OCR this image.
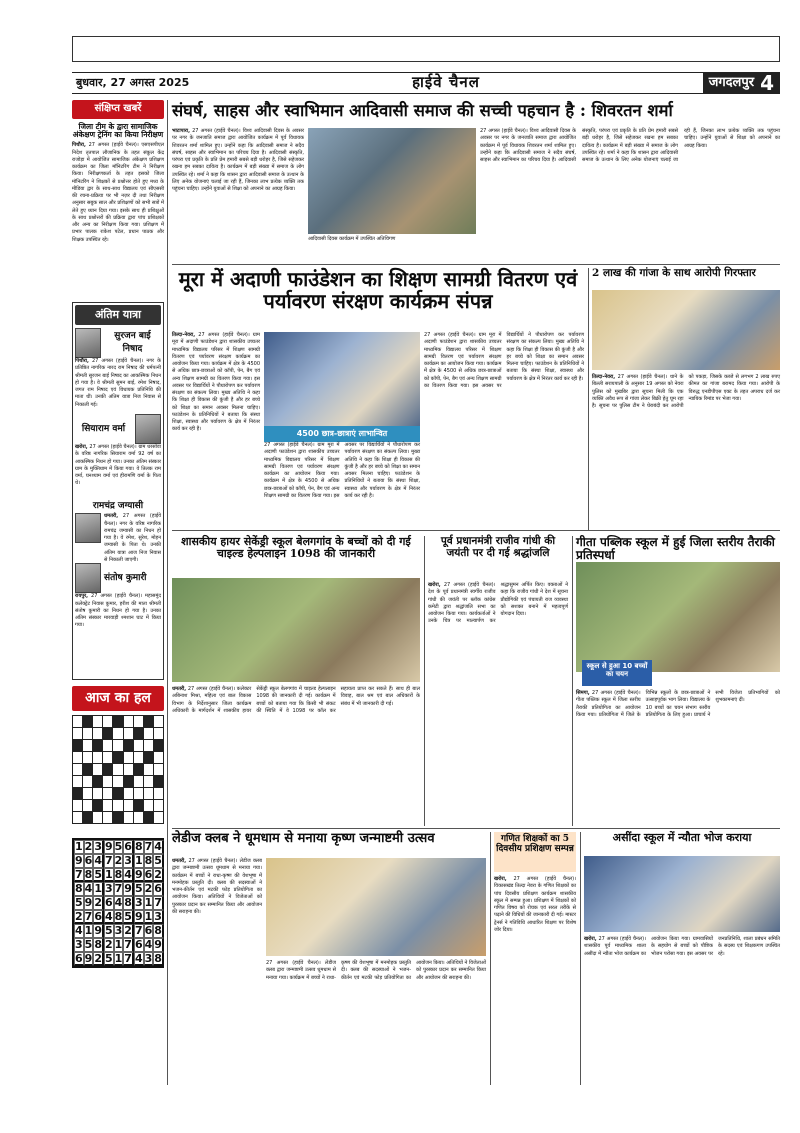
बुधवार, 27 अगस्त 2025	हाईवे चैनल	जगदलपुर 4
संक्षिप्त खबरें
जिला टीम के द्वारा सामाजिक अंकेक्षण ट्रेनिंग का किया निरीक्षण
पिथौरा, 27 अगस्त (हाईवे चैनल)। एसएसपीएल निदेश तृतपाल लौजानिक के तहत संकुल केंद्र राजोड़ा में आयोजित सामाजिक अंकेक्षण प्रशिक्षण कार्यक्रम का जिला मॉनिटरिंग टीम ने निरीक्षण किया। निरीक्षणकर्ता के तहत इसको जिला मॉनिटरिंग ने शिक्षकों से प्रश्नोत्तर होते हुए मध्य के मीडिया द्वार के साथ-साथ विद्यालय एवं सीएससी की रचना-प्रक्रिया पर भी नज़र दी तथा निरीक्षण अनुसार सबुक साल और प्रशिक्षणों को सभी सत्रों में लेते हुए ध्यान दिया गया। इसके साथ ही प्रशिक्षुओं के साथ प्रश्नोत्तरों की प्रक्रिया द्वारा पांच प्रशिक्षकों और अन्य का निरीक्षण किया गया। प्रशिक्षण में प्रभार पालक राकेश पटेल, प्रधान पाठक और शिक्षक उपस्थित रहे।
अंतिम यात्रा
सुरजन बाई निषाद
पिथौरा, 27 अगस्त (हाईवे चैनल)। नगर के प्रतिष्ठित नागरिक नारद राम निषाद की धर्मपत्नी श्रीमती सुरजन बाई निषाद का आकस्मिक निधन हो गया है। वे श्रीमती सुमन बाई, रमेश निषाद, जगत राम निषाद एवं विधायक प्रतिनिधि की माता थीं। उनकी अंतिम यात्रा निज निवास से निकाली गई।
सियाराम वर्मा
खरोरा, 27 अगस्त (हाईवे चैनल)। ग्राम धरसोवा के वरिष्ठ नागरिक सियाराम वर्मा 92 वर्ष का आकस्मिक निधन हो गया। उनका अंतिम संस्कार ग्राम के मुक्तिधाम में किया गया। वे तिलक राम वर्मा, घनश्याम वर्मा एवं हीरामणि वर्मा के पिता थे।
रामचंद्र जग्यासी
धमतरी, 27 अगस्त (हाईवे चैनल)। नगर के वरिष्ठ नागरिक रामचंद्र जग्यासी का निधन हो गया है। वे रमेश, सुरेश, मोहन जग्यासी के पिता थे। उनकी अंतिम यात्रा आज निज निवास से निकाली जाएगी।
संतोष कुमारी
रायपुर, 27 अगस्त (हाईवे चैनल)। महासमुंद कलेक्ट्रेट निवास कुमार, हरीश की माता श्रीमती संतोष कुमारी का निधन हो गया है। उनका अंतिम संस्कार मारवाड़ी श्मशान घाट में किया गया।
आज का हल
1 2 3 9 5 6 8 7 4
9 6 4 7 2 3 1 8 5
7 8 5 1 8 4 9 6 2
8 4 1 3 7 9 5 2 6
5 9 2 6 4 8 3 1 7
2 7 6 4 8 5 9 1 3
4 1 9 5 3 2 7 6 8
3 5 8 2 1 7 6 4 9
6 9 2 5 1 7 4 3 8
संघर्ष, साहस और स्वाभिमान आदिवासी समाज की सच्ची पहचान है : शिवरतन शर्मा
भाटापारा, 27 अगस्त (हाईवे चैनल)। विश्व आदिवासी दिवस के अवसर पर नगर के जनजाति समाज द्वारा आयोजित कार्यक्रम में पूर्व विधायक शिवरतन शर्मा शामिल हुए। उन्होंने कहा कि आदिवासी समाज ने सदैव संघर्ष, साहस और स्वाभिमान का परिचय दिया है। आदिवासी संस्कृति, परंपरा एवं प्रकृति के प्रति प्रेम हमारी सबसे बड़ी धरोहर है, जिसे सहेजकर रखना हम सबका दायित्व है। कार्यक्रम में बड़ी संख्या में समाज के लोग उपस्थित रहे। शर्मा ने कहा कि शासन द्वारा आदिवासी समाज के उत्थान के लिए अनेक योजनाएं चलाई जा रही हैं, जिनका लाभ प्रत्येक व्यक्ति तक पहुंचना चाहिए। उन्होंने युवाओं से शिक्षा को अपनाने का आग्रह किया।
आदिवासी दिवस कार्यक्रम में उपस्थित अतिथिगण
27 अगस्त (हाईवे चैनल)। विश्व आदिवासी दिवस के अवसर पर नगर के जनजाति समाज द्वारा आयोजित कार्यक्रम में पूर्व विधायक शिवरतन शर्मा शामिल हुए। उन्होंने कहा कि आदिवासी समाज ने सदैव संघर्ष, साहस और स्वाभिमान का परिचय दिया है। आदिवासी संस्कृति, परंपरा एवं प्रकृति के प्रति प्रेम हमारी सबसे बड़ी धरोहर है, जिसे सहेजकर रखना हम सबका दायित्व है। कार्यक्रम में बड़ी संख्या में समाज के लोग उपस्थित रहे। शर्मा ने कहा कि शासन द्वारा आदिवासी समाज के उत्थान के लिए अनेक योजनाएं चलाई जा रही हैं, जिनका लाभ प्रत्येक व्यक्ति तक पहुंचना चाहिए। उन्होंने युवाओं से शिक्षा को अपनाने का आग्रह किया।
मूरा में अदाणी फाउंडेशन का शिक्षण सामग्री वितरण एवं पर्यावरण संरक्षण कार्यक्रम संपन्न
तिल्दा-नेवरा, 27 अगस्त (हाईवे चैनल)। ग्राम मूरा में अदाणी फाउंडेशन द्वारा शासकीय उच्चतर माध्यमिक विद्यालय परिसर में शिक्षण सामग्री वितरण एवं पर्यावरण संरक्षण कार्यक्रम का आयोजन किया गया। कार्यक्रम में क्षेत्र के 4500 से अधिक छात्र-छात्राओं को कॉपी, पेन, बैग एवं अन्य शिक्षण सामग्री का वितरण किया गया। इस अवसर पर विद्यार्थियों ने पौधारोपण कर पर्यावरण संरक्षण का संकल्प लिया। मुख्य अतिथि ने कहा कि शिक्षा ही विकास की कुंजी है और हर बच्चे को शिक्षा का समान अवसर मिलना चाहिए। फाउंडेशन के प्रतिनिधियों ने बताया कि संस्था शिक्षा, स्वास्थ्य और पर्यावरण के क्षेत्र में निरंतर कार्य कर रही है।	4500 छात्र-छात्राएं लाभान्वित
27 अगस्त (हाईवे चैनल)। ग्राम मूरा में अदाणी फाउंडेशन द्वारा शासकीय उच्चतर माध्यमिक विद्यालय परिसर में शिक्षण सामग्री वितरण एवं पर्यावरण संरक्षण कार्यक्रम का आयोजन किया गया। कार्यक्रम में क्षेत्र के 4500 से अधिक छात्र-छात्राओं को कॉपी, पेन, बैग एवं अन्य शिक्षण सामग्री का वितरण किया गया। इस अवसर पर विद्यार्थियों ने पौधारोपण कर पर्यावरण संरक्षण का संकल्प लिया। मुख्य अतिथि ने कहा कि शिक्षा ही विकास की कुंजी है और हर बच्चे को शिक्षा का समान अवसर मिलना चाहिए। फाउंडेशन के प्रतिनिधियों ने बताया कि संस्था शिक्षा, स्वास्थ्य और पर्यावरण के क्षेत्र में निरंतर कार्य कर रही है।
27 अगस्त (हाईवे चैनल)। ग्राम मूरा में अदाणी फाउंडेशन द्वारा शासकीय उच्चतर माध्यमिक विद्यालय परिसर में शिक्षण सामग्री वितरण एवं पर्यावरण संरक्षण कार्यक्रम का आयोजन किया गया। कार्यक्रम में क्षेत्र के 4500 से अधिक छात्र-छात्राओं को कॉपी, पेन, बैग एवं अन्य शिक्षण सामग्री का वितरण किया गया। इस अवसर पर विद्यार्थियों ने पौधारोपण कर पर्यावरण संरक्षण का संकल्प लिया। मुख्य अतिथि ने कहा कि शिक्षा ही विकास की कुंजी है और हर बच्चे को शिक्षा का समान अवसर मिलना चाहिए। फाउंडेशन के प्रतिनिधियों ने बताया कि संस्था शिक्षा, स्वास्थ्य और पर्यावरण के क्षेत्र में निरंतर कार्य कर रही है।
2 लाख की गांजा के साथ आरोपी गिरफ्तार
तिल्दा-नेवरा, 27 अगस्त (हाईवे चैनल)। थाने के बिल्ली सरायपाली के अनुसार 19 अगस्त को नेवरा पुलिस को मुखबिर द्वारा सूचना मिली कि एक व्यक्ति अवैध रूप से गांजा लेकर बिक्री हेतु घूम रहा है। सूचना पर पुलिस टीम ने घेराबंदी कर आरोपी को पकड़ा, जिसके कब्जे से लगभग 2 लाख रुपए कीमत का गांजा बरामद किया गया। आरोपी के विरुद्ध एनडीपीएस एक्ट के तहत अपराध दर्ज कर न्यायिक रिमांड पर भेजा गया।
शासकीय हायर सेकेंड्री स्कूल बेलगगांव के बच्चों को दी गई चाइल्ड हेल्पलाइन 1098 की जानकारी
धमतरी, 27 अगस्त (हाईवे चैनल)। कलेक्टर अबिनाश मिश्रा, महिला एवं बाल विकास विभाग के निर्देशानुसार जिला कार्यक्रम अधिकारी के मार्गदर्शन में शासकीय हायर सेकेंड्री स्कूल बेलगगांव में चाइल्ड हेल्पलाइन 1098 की जानकारी दी गई। कार्यक्रम में बच्चों को बताया गया कि किसी भी संकट की स्थिति में वे 1098 पर कॉल कर सहायता प्राप्त कर सकते हैं। साथ ही बाल विवाह, बाल श्रम एवं बाल अधिकारों के संबंध में भी जानकारी दी गई।
पूर्व प्रधानमंत्री राजीव गांधी की जयंती पर दी गई श्रद्धांजलि
खरोरा, 27 अगस्त (हाईवे चैनल)। देश के पूर्व प्रधानमंत्री स्वर्गीय राजीव गांधी की जयंती पर ब्लॉक कांग्रेस कमेटी द्वारा श्रद्धांजलि सभा का आयोजन किया गया। कार्यकर्ताओं ने उनके चित्र पर माल्यार्पण कर श्रद्धासुमन अर्पित किए। वक्ताओं ने कहा कि राजीव गांधी ने देश में सूचना प्रौद्योगिकी एवं पंचायती राज व्यवस्था को सशक्त बनाने में महत्वपूर्ण योगदान दिया।
गीता पब्लिक स्कूल में हुई जिला स्तरीय तैराकी प्रतिस्पर्धा
स्कूल से हुआ 10 बच्चों का चयन
सिमगा, 27 अगस्त (हाईवे चैनल)। गीता पब्लिक स्कूल में जिला स्तरीय तैराकी प्रतियोगिता का आयोजन किया गया। प्रतियोगिता में जिले के विभिन्न स्कूलों के छात्र-छात्राओं ने उत्साहपूर्वक भाग लिया। विद्यालय के 10 बच्चों का चयन संभाग स्तरीय प्रतियोगिता के लिए हुआ। प्राचार्य ने सभी विजेता प्रतिभागियों को शुभकामनाएं दीं।
लेडीज क्लब ने धूमधाम से मनाया कृष्ण जन्माष्टमी उत्सव
धमतरी, 27 अगस्त (हाईवे चैनल)। लेडीज क्लब द्वारा जन्माष्टमी उत्सव धूमधाम से मनाया गया। कार्यक्रम में बच्चों ने राधा-कृष्ण की वेशभूषा में मनमोहक प्रस्तुति दी। क्लब की सदस्याओं ने भजन-कीर्तन एवं मटकी फोड़ प्रतियोगिता का आयोजन किया। अतिथियों ने विजेताओं को पुरस्कार प्रदान कर सम्मानित किया और आयोजन की सराहना की।
27 अगस्त (हाईवे चैनल)। लेडीज क्लब द्वारा जन्माष्टमी उत्सव धूमधाम से मनाया गया। कार्यक्रम में बच्चों ने राधा-कृष्ण की वेशभूषा में मनमोहक प्रस्तुति दी। क्लब की सदस्याओं ने भजन-कीर्तन एवं मटकी फोड़ प्रतियोगिता का आयोजन किया। अतिथियों ने विजेताओं को पुरस्कार प्रदान कर सम्मानित किया और आयोजन की सराहना की।
गणित शिक्षकों का 5 दिवसीय प्रशिक्षण सम्पन्न
खरोरा, 27 अगस्त (हाईवे चैनल)। विकासखंड तिल्दा नेवरा के गणित शिक्षकों का पांच दिवसीय प्रशिक्षण कार्यक्रम शासकीय स्कूल में सम्पन्न हुआ। प्रशिक्षण में शिक्षकों को गणित विषय को रोचक एवं सरल तरीके से पढ़ाने की विधियों की जानकारी दी गई। मास्टर ट्रेनर्स ने गतिविधि आधारित शिक्षण पर विशेष जोर दिया।
असींदा स्कूल में न्यौता भोज कराया
खरोरा, 27 अगस्त (हाईवे चैनल)। शासकीय पूर्व माध्यमिक शाला असींदा में न्यौता भोज कार्यक्रम का आयोजन किया गया। ग्रामवासियों के सहयोग से बच्चों को पौष्टिक भोजन परोसा गया। इस अवसर पर जनप्रतिनिधि, शाला प्रबंधन समिति के सदस्य एवं शिक्षकगण उपस्थित रहे।
